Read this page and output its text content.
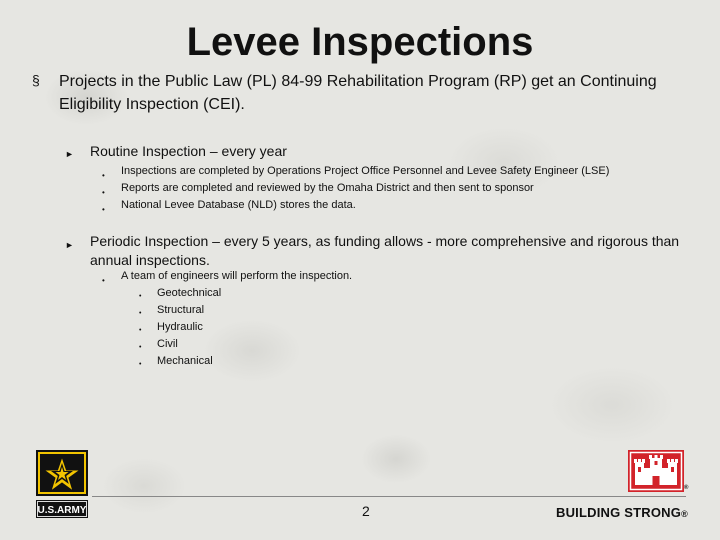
Levee Inspections
§ Projects in the Public Law (PL) 84-99 Rehabilitation Program (RP) get an Continuing Eligibility Inspection (CEI).
► Routine Inspection – every year
• Inspections are completed by Operations Project Office Personnel and Levee Safety Engineer (LSE)
• Reports are completed and reviewed by the Omaha District and then sent to sponsor
• National Levee Database (NLD) stores the data.
► Periodic Inspection – every 5 years, as funding allows - more comprehensive and rigorous than annual inspections.
• A team of engineers will perform the inspection.
• Geotechnical
• Structural
• Hydraulic
• Civil
• Mechanical
U.S.ARMY
®
2	BUILDING STRONG®
